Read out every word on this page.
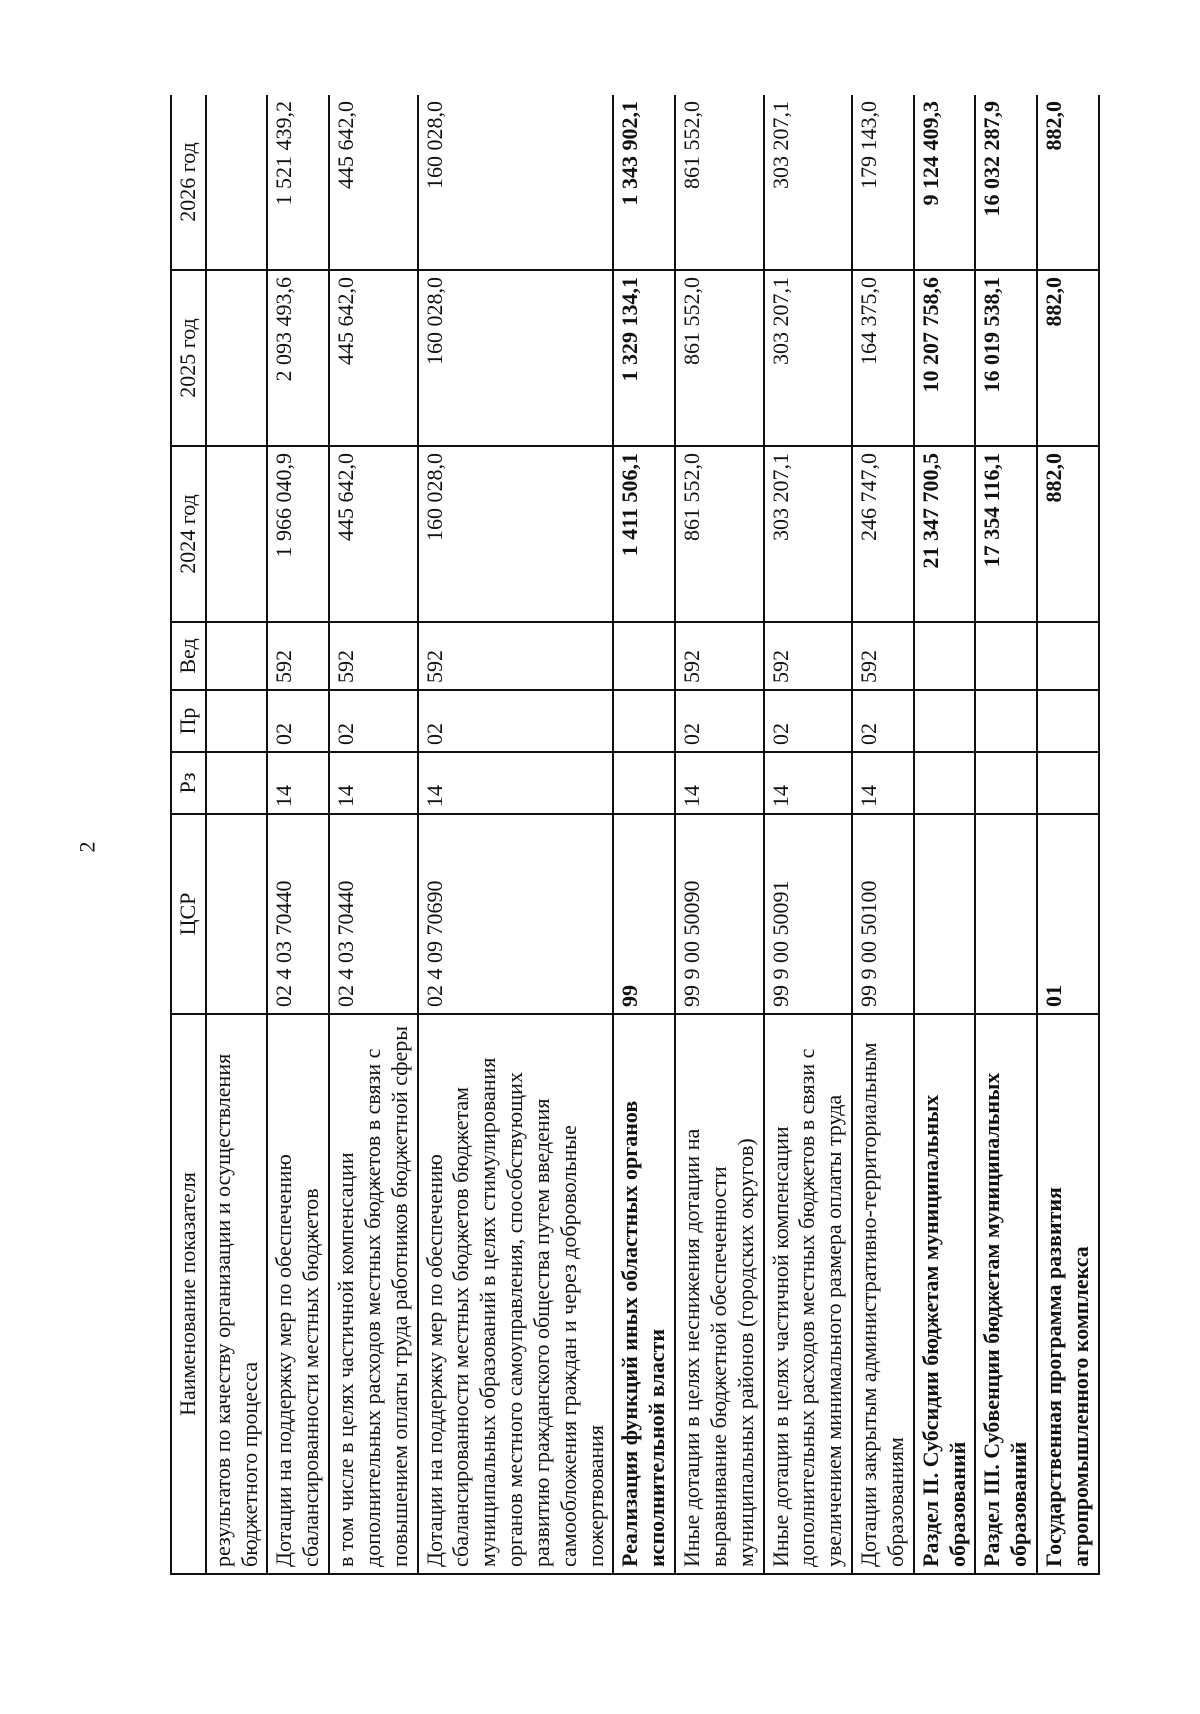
2
Наименование показателя	ЦСР	Рз	Пр	Вед	2024 год	2025 год	2026 год
результатов по качеству организации и осуществления бюджетного процесса							
Дотации на поддержку мер по обеспечению сбалансированности местных бюджетов	02 4 03 70440	14	02	592	1 966 040,9	2 093 493,6	1 521 439,2
в том числе в целях частичной компенсации дополнительных расходов местных бюджетов в связи с повышением оплаты труда работников бюджетной сферы	02 4 03 70440	14	02	592	445 642,0	445 642,0	445 642,0
Дотации на поддержку мер по обеспечению сбалансированности местных бюджетов бюджетам муниципальных образований в целях стимулирования органов местного самоуправления, способствующих развитию гражданского общества путем введения самообложения граждан и через добровольные пожертвования	02 4 09 70690	14	02	592	160 028,0	160 028,0	160 028,0
Реализация функций иных областных органов исполнительной власти	99				1 411 506,1	1 329 134,1	1 343 902,1
Иные дотации в целях неснижения дотации на выравнивание бюджетной обеспеченности муниципальных районов (городских округов)	99 9 00 50090	14	02	592	861 552,0	861 552,0	861 552,0
Иные дотации в целях частичной компенсации дополнительных расходов местных бюджетов в связи с увеличением минимального размера оплаты труда	99 9 00 50091	14	02	592	303 207,1	303 207,1	303 207,1
Дотации закрытым административно-территориальным образованиям	99 9 00 50100	14	02	592	246 747,0	164 375,0	179 143,0
Раздел II. Субсидии бюджетам муниципальных образований					21 347 700,5	10 207 758,6	9 124 409,3
Раздел III. Субвенции бюджетам муниципальных образований					17 354 116,1	16 019 538,1	16 032 287,9
Государственная программа развития агропромышленного комплекса	01				882,0	882,0	882,0
